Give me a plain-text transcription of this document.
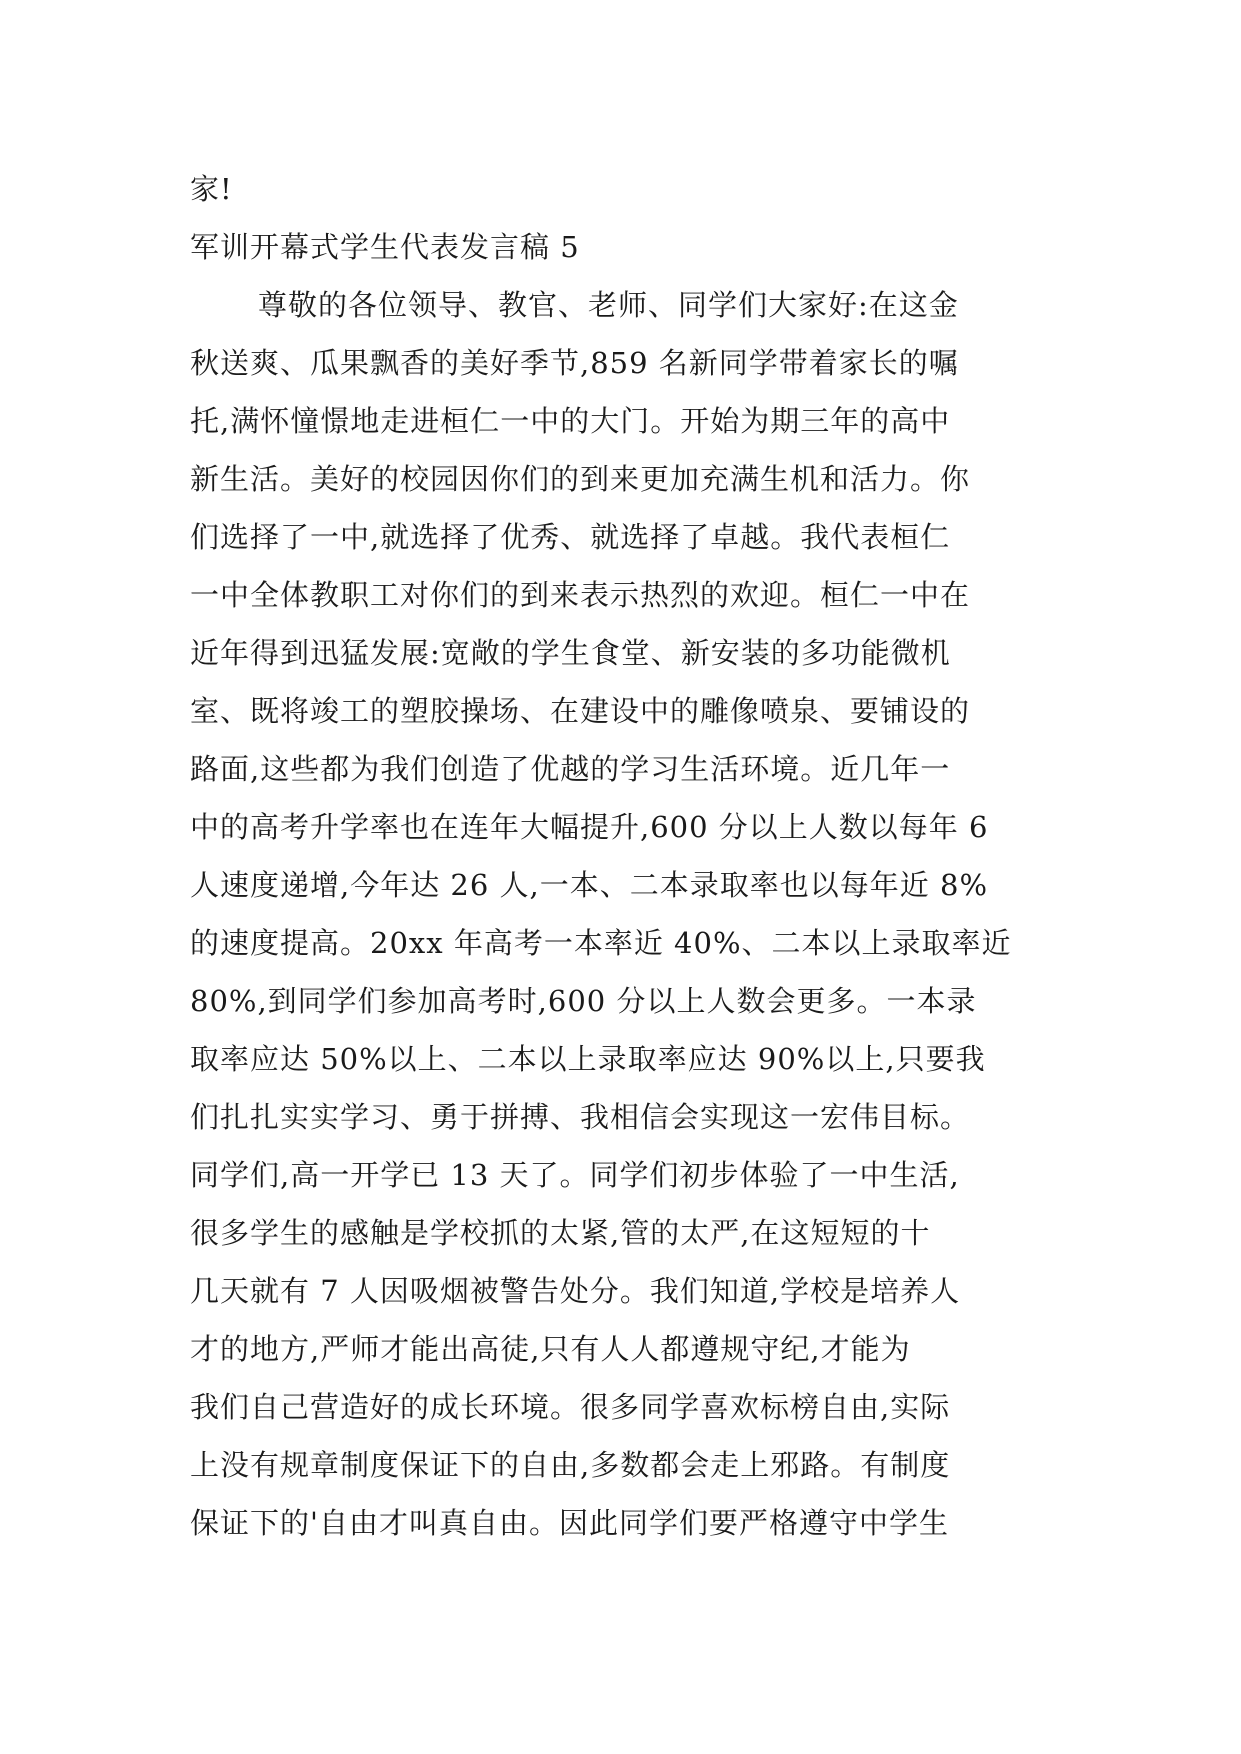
家!
军训开幕式学生代表发言稿 5
尊敬的各位领导、教官、老师、同学们大家好:在这金
秋送爽、瓜果飘香的美好季节,859 名新同学带着家长的嘱
托,满怀憧憬地走进桓仁一中的大门。开始为期三年的高中
新生活。美好的校园因你们的到来更加充满生机和活力。你
们选择了一中,就选择了优秀、就选择了卓越。我代表桓仁
一中全体教职工对你们的到来表示热烈的欢迎。桓仁一中在
近年得到迅猛发展:宽敞的学生食堂、新安装的多功能微机
室、既将竣工的塑胶操场、在建设中的雕像喷泉、要铺设的
路面,这些都为我们创造了优越的学习生活环境。近几年一
中的高考升学率也在连年大幅提升,600 分以上人数以每年 6
人速度递增,今年达 26 人,一本、二本录取率也以每年近 8%
的速度提高。20xx 年高考一本率近 40%、二本以上录取率近
80%,到同学们参加高考时,600 分以上人数会更多。一本录
取率应达 50%以上、二本以上录取率应达 90%以上,只要我
们扎扎实实学习、勇于拼搏、我相信会实现这一宏伟目标。
同学们,高一开学已 13 天了。同学们初步体验了一中生活,
很多学生的感触是学校抓的太紧,管的太严,在这短短的十
几天就有 7 人因吸烟被警告处分。我们知道,学校是培养人
才的地方,严师才能出高徒,只有人人都遵规守纪,才能为
我们自己营造好的成长环境。很多同学喜欢标榜自由,实际
上没有规章制度保证下的自由,多数都会走上邪路。有制度
保证下的'自由才叫真自由。因此同学们要严格遵守中学生
